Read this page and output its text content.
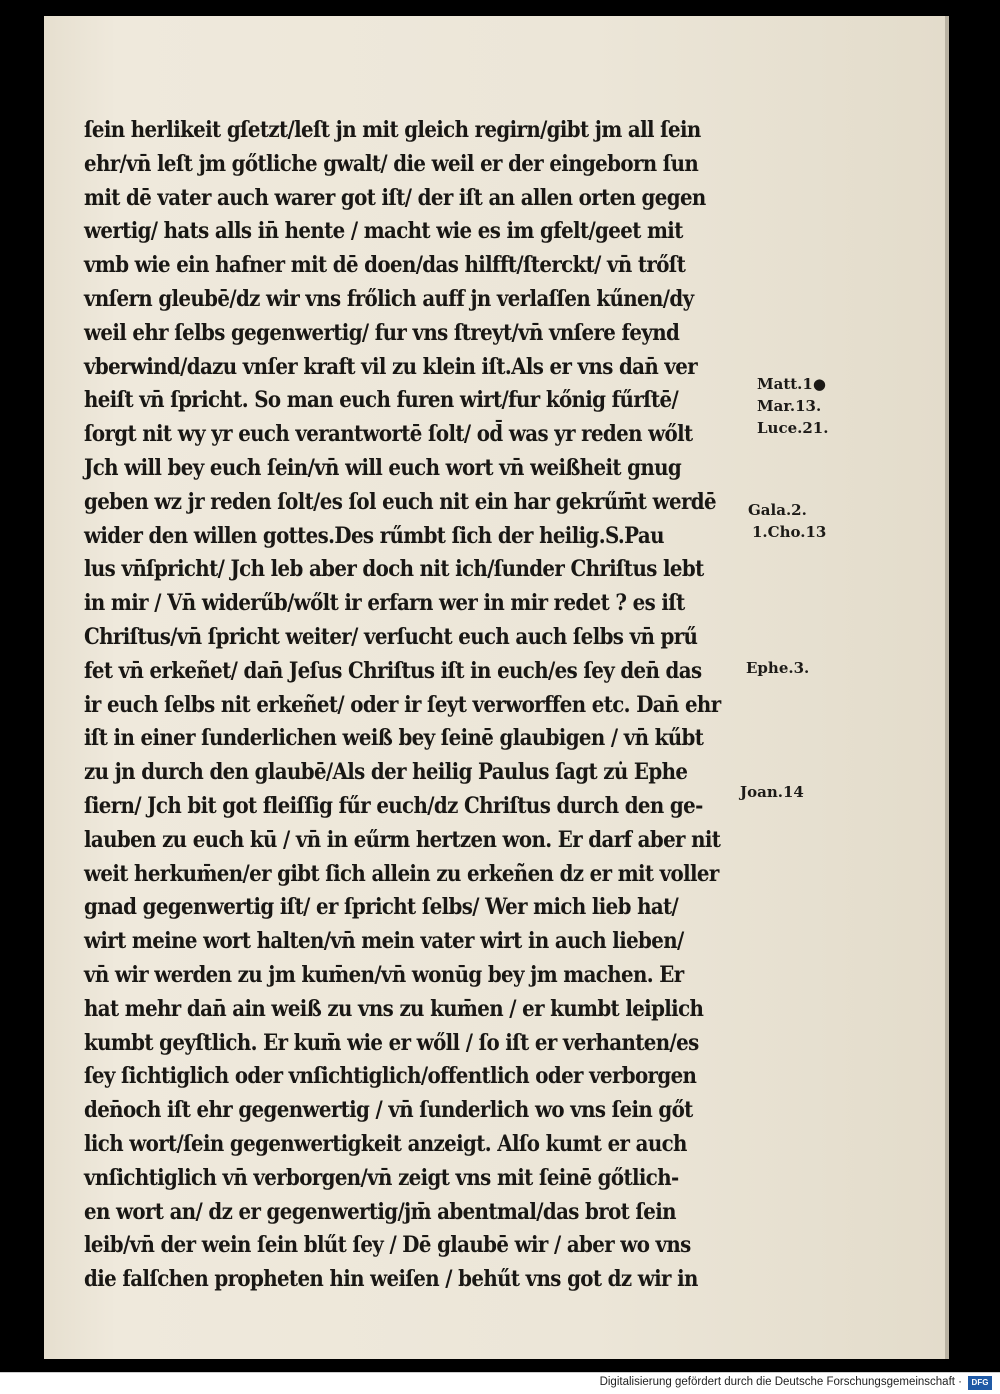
ſein herlikeit gſetzt/leſt jn mit gleich regirn/gibt jm all ſein
ehr/vn̄ leſt jm gőtliche gwalt/ die weil er der eingeborn ſun
mit dē vater auch warer got iſt/ der iſt an allen orten gegen
wertig/ hats alls in̄ hente / macht wie es im gfelt/geet mit
vmb wie ein hafner mit dē doen/das hilfft/ſterckt/ vn̄ trőſt
vnſern gleubē/dz wir vns frőlich auff jn verlaſſen kűnen/dy
weil ehr ſelbs gegenwertig/ fur vns ſtreyt/vn̄ vnſere feynd
vberwind/dazu vnſer kraft vil zu klein iſt.Als er vns dan̄ ver
heiſt vn̄ ſpricht. So man euch furen wirt/fur kőnig fűrſtē/
ſorgt nit wy yr euch verantwortē ſolt/ od̄ was yr reden wőlt
Jch will bey euch ſein/vn̄ will euch wort vn̄ weißheit gnug
geben wz jr reden ſolt/es ſol euch nit ein har gekrűm̄t werdē
wider den willen gottes.Des rűmbt ſich der heilig.S.Pau
lus vn̄ſpricht/ Jch leb aber doch nit ich/ſunder Chriſtus lebt
in mir / Vn̄ widerűb/wőlt ir erfarn wer in mir redet ? es iſt
Chriſtus/vn̄ ſpricht weiter/ verſucht euch auch ſelbs vn̄ prű
fet vn̄ erkeñet/ dan̄ Jeſus Chriſtus iſt in euch/es ſey den̄ das
ir euch ſelbs nit erkeñet/ oder ir ſeyt verworffen etc. Dan̄ ehr
iſt in einer ſunderlichen weiß bey ſeinē glaubigen / vn̄ kűbt
zu jn durch den glaubē/Als der heilig Paulus ſagt zu̇ Ephe
ſiern/ Jch bit got fleiſſig fűr euch/dz Chriſtus durch den ge-
lauben zu euch kū / vn̄ in eűrm hertzen won. Er darf aber nit
weit herkum̄en/er gibt ſich allein zu erkeñen dz er mit voller
gnad gegenwertig iſt/ er ſpricht ſelbs/ Wer mich lieb hat/
wirt meine wort halten/vn̄ mein vater wirt in auch lieben/
vn̄ wir werden zu jm kum̄en/vn̄ wonūg bey jm machen. Er
hat mehr dan̄ ain weiß zu vns zu kum̄en / er kumbt leiplich
kumbt geyſtlich. Er kum̄ wie er wőll / ſo iſt er verhanten/es
ſey ſichtiglich oder vnſichtiglich/offentlich oder verborgen
den̄och iſt ehr gegenwertig / vn̄ ſunderlich wo vns ſein gőt
lich wort/ſein gegenwertigkeit anzeigt. Alſo kumt er auch
vnſichtiglich vn̄ verborgen/vn̄ zeigt vns mit ſeinē gőtlich-
en wort an/ dz er gegenwertig/jm̄ abentmal/das brot ſein
leib/vn̄ der wein ſein blűt ſey / Dē glaubē wir / aber wo vns
die falſchen propheten hin weiſen / behűt vns got dz wir in
Matt.1●
Mar.13.
Luce.21.
Gala.2.
1.Cho.13
Ephe.3.
Joan.14
Digitalisierung gefördert durch die Deutsche Forschungsgemeinschaft ·	DFG
